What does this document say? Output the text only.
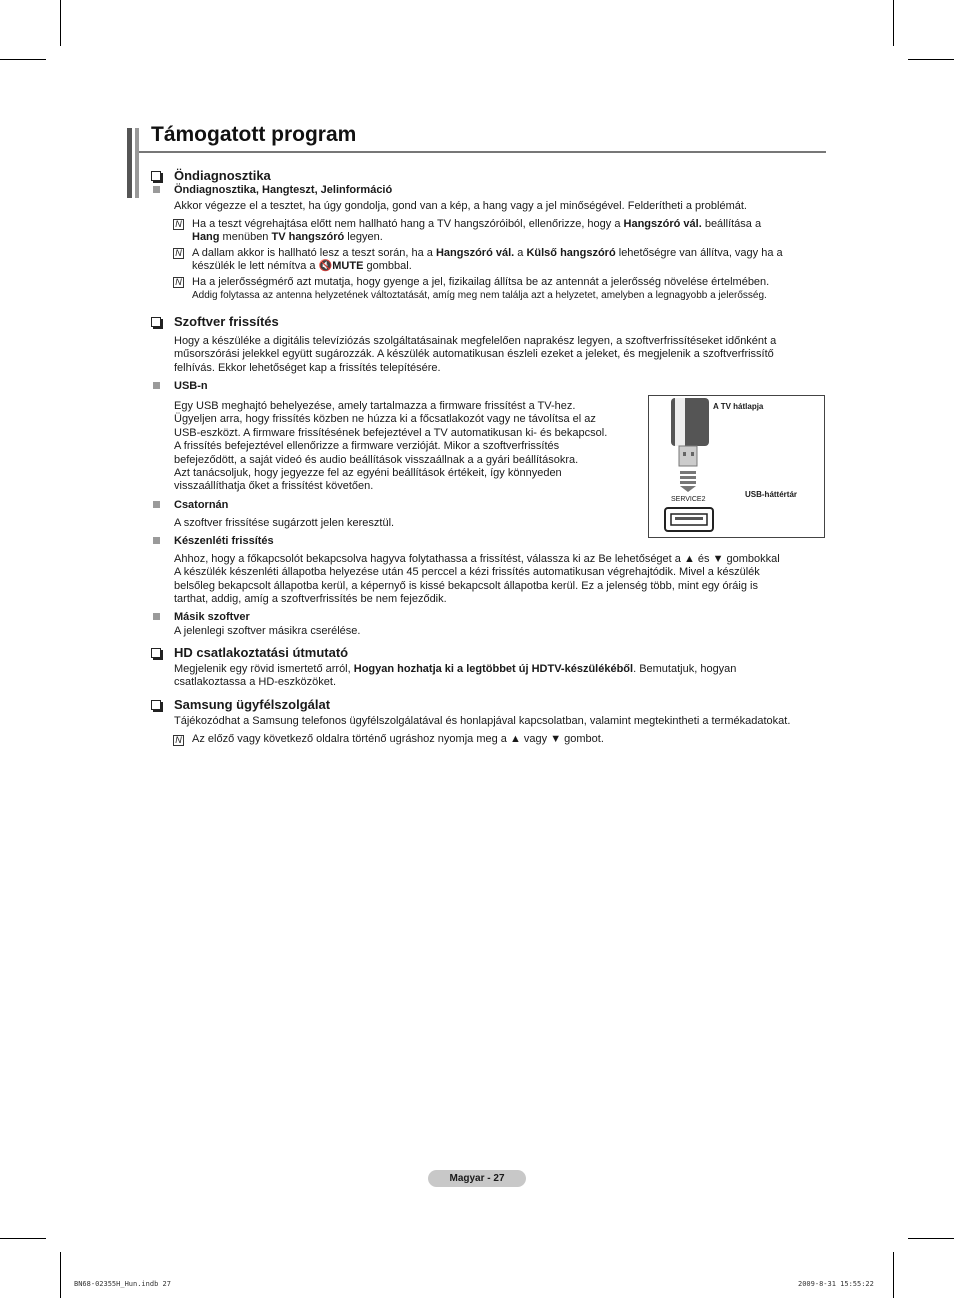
Támogatott program
Öndiagnosztika
Öndiagnosztika, Hangteszt, Jelinformáció
Akkor végezze el a tesztet, ha úgy gondolja, gond van a kép, a hang vagy a jel minőségével. Felderítheti a problémát.
N Ha a teszt végrehajtása előtt nem hallható hang a TV hangszóróiból, ellenőrizze, hogy a Hangszóró vál. beállítása a
Hang menüben TV hangszóró legyen.
N A dallam akkor is hallható lesz a teszt során, ha a Hangszóró vál. a Külső hangszóró lehetőségre van állítva, vagy ha a
készülék le lett némítva a 🔇MUTE gombbal.
N Ha a jelerősségmérő azt mutatja, hogy gyenge a jel, fizikailag állítsa be az antennát a jelerősség növelése értelmében.
Addig folytassa az antenna helyzetének változtatását, amíg meg nem találja azt a helyzetet, amelyben a legnagyobb a jelerősség.
Szoftver frissítés
Hogy a készüléke a digitális televíziózás szolgáltatásainak megfelelően naprakész legyen, a szoftverfrissítéseket időnként a
műsorszórási jelekkel együtt sugározzák. A készülék automatikusan észleli ezeket a jeleket, és megjelenik a szoftverfrissítő
felhívás. Ekkor lehetőséget kap a frissítés telepítésére.
USB-n
Egy USB meghajtó behelyezése, amely tartalmazza a firmware frissítést a TV-hez.
Ügyeljen arra, hogy frissítés közben ne húzza ki a főcsatlakozót vagy ne távolítsa el az
USB-eszközt. A firmware frissítésének befejeztével a TV automatikusan ki- és bekapcsol.
A frissítés befejeztével ellenőrizze a firmware verzióját. Mikor a szoftverfrissítés
befejeződött, a saját videó és audio beállítások visszaállnak a a gyári beállításokra.
Azt tanácsoljuk, hogy jegyezze fel az egyéni beállítások értékeit, így könnyeden
visszaállíthatja őket a frissítést követően.
Csatornán
A szoftver frissítése sugárzott jelen keresztül.
Készenléti frissítés
Ahhoz, hogy a főkapcsolót bekapcsolva hagyva folytathassa a frissítést, válassza ki az Be lehetőséget a ▲ és ▼ gombokkal
A készülék készenléti állapotba helyezése után 45 perccel a kézi frissítés automatikusan végrehajtódik. Mivel a készülék
belsőleg bekapcsolt állapotba kerül, a képernyő is kissé bekapcsolt állapotba kerül. Ez a jelenség több, mint egy óráig is
tarthat, addig, amíg a szoftverfrissítés be nem fejeződik.
Másik szoftver
A jelenlegi szoftver másikra cserélése.
A TV hátlapja
SERVICE2
USB-háttértár
HD csatlakoztatási útmutató
Megjelenik egy rövid ismertető arról, Hogyan hozhatja ki a legtöbbet új HDTV-készülékéből. Bemutatjuk, hogyan
csatlakoztassa a HD-eszközöket.
Samsung ügyfélszolgálat
Tájékozódhat a Samsung telefonos ügyfélszolgálatával és honlapjával kapcsolatban, valamint megtekintheti a termékadatokat.
N Az előző vagy következő oldalra történő ugráshoz nyomja meg a ▲ vagy ▼ gombot.
Magyar - 27
BN68-02355H_Hun.indb 27	2009-8-31 15:55:22
